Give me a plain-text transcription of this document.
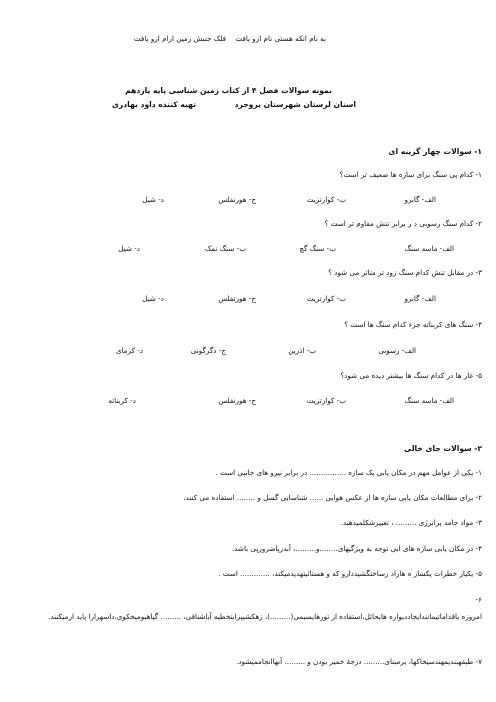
به نام انکه هستی نام ازو یافت
فلک جنبش زمین ارام ازو یافت
نمونه سوالات فصل ۴ از کتاب زمین شناسی پایه یازدهم
تهیه کننده داود بهادری	استان لرستان شهرستان بروجرد
۱- سوالات چهار گزینه ای
۱- کدام پی سنگ برای سازه ها ضعیف تر است؟
الف- گابرو
ب- کوارتزیت
ج- هورنفلس
د- شیل
۲- کدام سنگ رسوبی د ر برابر تنش مقاوم تر است ؟
الف- ماسه سنگ
ب- سنگ گچ
ب- سنگ نمک
د- شیل
۳- در مقابل تنش کدام سنگ زود تر متاثر می شود ؟
الف- گابرو
ب- کوارتزیت
ج- هورنفلس
د- شیل
۴- سنگ های کربناته جزء کدام سنگ ها است ؟
الف- رسوبی
ب- اذرین
ج- دگرگونی
د- کرمای
۵- غار ها در کدام سنگ ها بیشتر دیده می شود؟
الف- ماسه سنگ
ب- کوارتزیت
ج- هورنفلس
د- کربناته
۲- سوالات جای خالی
۱- یکی از عوامل مهم در مکان یابی یک سازه ................ در برابر نیرو های جانبی است .
۲- برای مطالعات مکان یابی سازه ها از عکس هوایی ...... شناسایی گسل و ........ استفاده می کنند.
۳- مواد جامد پرانرژی ......... ، تغییرشکلمیدهند.
۴- در مکان یابی سازه های ابی توجه به ویژگیهای........و.........، آبدرپاضرورپی باشد.
۵- یکیاز خطرات یکساز ه هاراد رساختگشیددارو که و هستائیتهدیدمیکند، ............. است .
۶-
امروزه باقداماتیمانندایجاددیواره هایحائل،استفاده از تورهایسیمی(.........)، زهکشیپرابتخطیه آباشناقی، ......... گیاهبومیخکوی،داسهرارا پاید ارمیکنند.
۷- طبقهبندیمهندسیخاکها، برمبنای......... درجهٔ خمیر بودن و ......... آنهاانجاممیشود.
